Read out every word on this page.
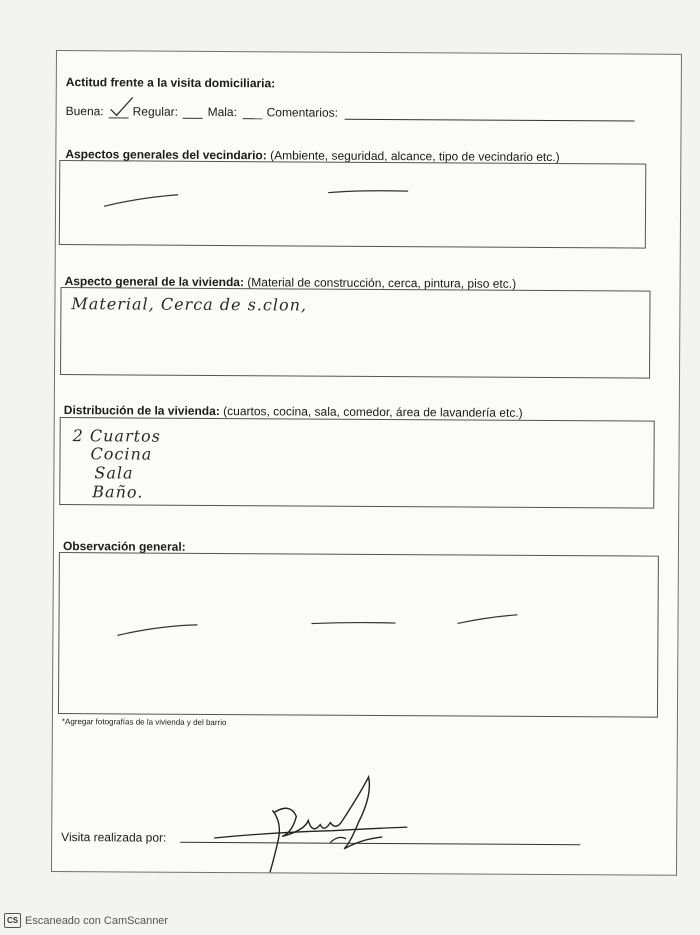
Actitud frente a la visita domiciliaria:
Buena: Regular: Mala: Comentarios:
Aspectos generales del vecindario: (Ambiente, seguridad, alcance, tipo de vecindario etc.)
Aspecto general de la vivienda: (Material de construcción, cerca, pintura, piso etc.)
Material, Cerca de s.clon,
Distribución de la vivienda: (cuartos, cocina, sala, comedor, área de lavandería etc.)
2 Cuartos
Cocina
Sala
Baño.
Observación general:
*Agregar fotografías de la vivienda y del barrio
Visita realizada por:
CS Escaneado con CamScanner
